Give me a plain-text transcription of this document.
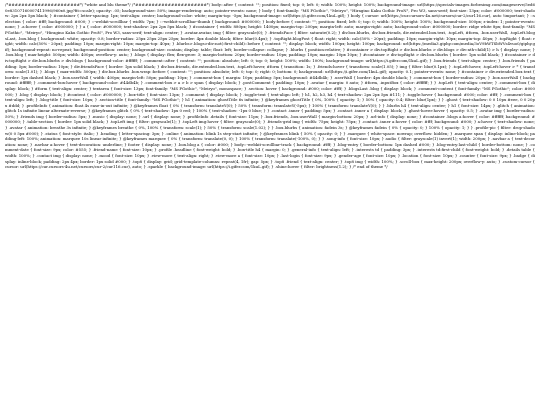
/*######################*/ *white and blu theme*/ /*######################*/ body::after { content: ""; position: fixed; top: 0; left: 0; width: 100%; height: 100%; background-image: url(https://specials-images.forbesimg.com/imageserve/5ed60e83107160007411996/960x0.jpg?fit=scale); opacity: .05; background-size: 50%; image-rendering: auto; pointer-events: none; } body { font-family: "MS PGothic", "Meiryo", "Hiragino Kaku Gothic ProN", Pro W3, sans-serif; font-size: 13px; color: #000000; text-shadow: 2px 2px 5px black; } #container { letter-spacing: 1px; text-align: center; background-color: white; margin-top: -5px; background-image: url(https://i.gifer.com/1kuL.gif); } body { cursor: url(https://cur.cursors-4u.net/cursors/cur-2/cur116.cur), auto !important; } ::selection { color: #fff; background: #000; } ::-webkit-scrollbar { width: 7px; } ::-webkit-scrollbar-thumb { background: #000000; } body:before { content: ""; position: fixed; left: 0; top: 0; width: 100%; height: 100%; background-size: 500px; z-index: 1; pointer-events: none; } .a:hover { color: #000000; } } a { color: #000000; text-shadow: 2px 2px 5px black; } #container { width: 880px; height: 1400px; margin-top: 200px; margin-left: auto; margin-right: auto; background-color: #000000; border: ridge white 8px; font-family: "MS PGothic", "Meiryo", "Hiragino Kaku Gothic ProN", Pro W3, sans-serif; text-align: center; } .avatar.avatar, img { filter: grayscale(0); } .friendsFace { filter: saturate(0.2); } div.box.blurbs, div.box.friends, div.extended.box.text, .topLeft, #form, .box.userWall, .topLeft.blogsLast, .box.blog { background: white; opacity: 0.8; border-radius: 25px 25px 25px 25px; border: 4px double black; filter: blur(0.4px); } .topRight.blogPost { float: right; width: calc(50% - 20px); padding: 10px; margin-right: 10px; margin-top: 40px; } .topRight { float: right; width: calc(50% - 20px); padding: 10px; margin-right: 10px; margin-top: 40px; } .blurbs>.blogs>div:not(:first-child)::before { content: ""; display: block; width: 100px; height: 100px; background: url(https://media3.giphy.com/media/3oV9bWTSbWVs4vuo0/giphy.gif); background-repeat: no-repeat; background-position: center; background-size: contain; display: table; float: left; border-collapse: collapse; } .blurbs { position:relative; } #container > div.topRight > div.box.blurbs > div.blogs > div:nth-child(1) > h { display: none; } .box.blog { max-height: 500px; width: 400px; overflow-y: auto; } .blogs { display: flex; flex-grow: 3; margin-bottom: 20px; border-radius: 10px; padding: 10px; margin: 10px 10px; } #container > div.topRight > div.box.blurbs { border: 1px solid black; } #container > div.topRight > div.box.blurbs > div.blogs { background-color: #ffffff; } .comment::after { content: ""; position: absolute; left: 0; top: 0; height: 100%; width: 100%; background-image: url(https://i.gifer.com/1kuL.gif); } .box.friends { text-align: center; } .box.friends { padding: 5px; border-radius: 10px; } div.friendsFace { border: 1px solid black; } div.box.friends, div.extended.box.text, .topLeft:hover, #form { transition: 1s; } .friends:hover { transform: scale(1.05); } img { filter: blur(0.1px); } .topLeft:hover, .topLeft:hover > * { transform: scale(1.01); } .blogs { max-width: 500px; } div.box.blurbs .box.wrap::before { content: ""; position: absolute; left: 0; top: 0; right: 0; bottom: 0; background: url(https://i.gifer.com/1kuL.gif); opacity: 0.1; pointer-events: none; } #container > div.extended.box.text { border: 1px dashed black; } .box.userWall { width: 400px; margin-left: 50px; padding: 10px; } .comment-box { margin: 10px; padding: 5px; background: #44db4b; } .userWall { border: 4px double black; } .comment-box { border-radius: 20px; } .box.userWall { background: #ffffff; } .comment-box:hover { background-color: #44db4b; } .comment-box > a > b > span { display: block; } .postComment { padding: 10px; } .avatar { margin: 0 auto; } #form, .inputBox { color: #ffffff; } } .topLeft { text-align: center; } .comment-box { display: block; } #form { text-align: center; } textarea { font-size: 13px; font-family: "MS PGothic", "Meiryo", monospace; } .section: hover { background: #000; color: #fff; } .blogsLast .blog { display: block; } .comment-content { font-family: "MS PGothic"; color: #000000; } .blog { display: block; } #content { color: #000000; } .box-title { font-size: 13px; } .comment { display: block; } .toggle-text { text-align: left; } h1, h2, h3, h4 { text-shadow: 2px 2px 5px #111; } .toggle:hover { background: #000; color: #fff; } .comment-box { text-align: left; } .blog-title { font-size: 10px; } .section-title { font-family: "MS PGothic"; } h1 { animation: ghostTitle 6s infinite; } @keyframes ghostTitle { 0%, 100% { opacity: 1; } 50% { opacity: 0.4; filter: blur(1px); } } .ghost { text-shadow: 0 0 10px #eee, 0 0 20px #ddd; } .profileInfo { animation: float 4s ease-in-out infinite; } @keyframes float { 0% { transform: translateY(0); } 50% { transform: translateY(-5px); } 100% { transform: translateY(0); } } .blurbs h4 { text-align: center; } h1 { font-size: 14px; } .glitch { animation: glitch 1s infinite linear alternate-reverse; } @keyframes glitch { 0% { text-shadow: 1px 0 red; } 100% { text-shadow: -1px 0 blue; } } .contact .inner { padding: 5px; } .contact .inner a { display: block; } .ghost-hover:hover { opacity: 0.5; } .avatar img { border-radius: 50%; } .friends img { border-radius: 5px; } .music { display: none; } .url { display: none; } .profileInfo .details { font-size: 11px; } .box.friends, .box.userWall { margin-bottom: 20px; } .url-info { display: none; } #container .blogs a:hover { color: #ffffff; background: #000000; } .table-section { border: 1px solid black; } .topLeft img { filter: grayscale(1); } .topLeft img:hover { filter: grayscale(0); } .friends-grid img { width: 75px; height: 75px; } .contact .inner a:hover { color: #fff; background: #000; } a:hover { text-shadow: none; } .avatar { animation: breathe 3s infinite; } @keyframes breathe { 0%, 100% { transform: scale(1); } 50% { transform: scale(1.02); } } .box.blurbs { animation: fadein 3s; } @keyframes fadein { 0% { opacity: 0; } 100% { opacity: 1; } } .profile-pic { filter: drop-shadow(0 0 5px #000); } .status { font-style: italic; } .heading { letter-spacing: 3px; } .online { animation: blink 1s step-start infinite; } @keyframes blink { 50% { opacity: 0; } } .marquee { white-space: nowrap; overflow: hidden; } .marquee span { display: inline-block; padding-left: 100%; animation: marquee 10s linear infinite; } @keyframes marquee { 0% { transform: translate(0, 0); } 100% { transform: translate(-100%, 0); } } .song-info { font-size: 10px; } audio { filter: grayscale(1) invert(1); width: 200px; } .navbar a { text-decoration: none; } .navbar a:hover { text-decoration: underline; } footer { display: none; } .box.blog a { color: #000; } body::-webkit-scrollbar-track { background: #fff; } .blog-entry { border-bottom: 1px dashed #000; } .blog-entry:last-child { border-bottom: none; } .comment-date { font-size: 9px; color: #555; } .friend-name { font-size: 10px; } .profile .headline { font-weight: bold; } .box-title h4 { margin: 0; } .general-info { text-align: left; } .interests td { padding: 3px; } .interests td:first-child { font-weight: bold; } .details table { width: 100%; } .contact img { display: none; } .mood { font-size: 10px; } .view-more { text-align: right; } .view-more a { font-size: 10px; } .last-login { font-size: 9px; } .gender-age { font-size: 10px; } .location { font-size: 10px; } .counter { font-size: 9px; } .badge { display: inline-block; padding: 2px 4px; border: 1px solid #000; } .top8 { display: grid; grid-template-columns: repeat(4, 1fr); gap: 5px; } .top8 .friend { text-align: center; } .top8 img { width: 100%; } .scroll-box { max-height: 200px; overflow-y: auto; } .custom-cursor { cursor: url(https://cur.cursors-4u.net/cursors/cur-2/cur116.cur), auto; } .sparkle { background-image: url(https://i.gifer.com/1kuL.gif); } .shine:hover { filter: brightness(1.2); } /* end of theme */
